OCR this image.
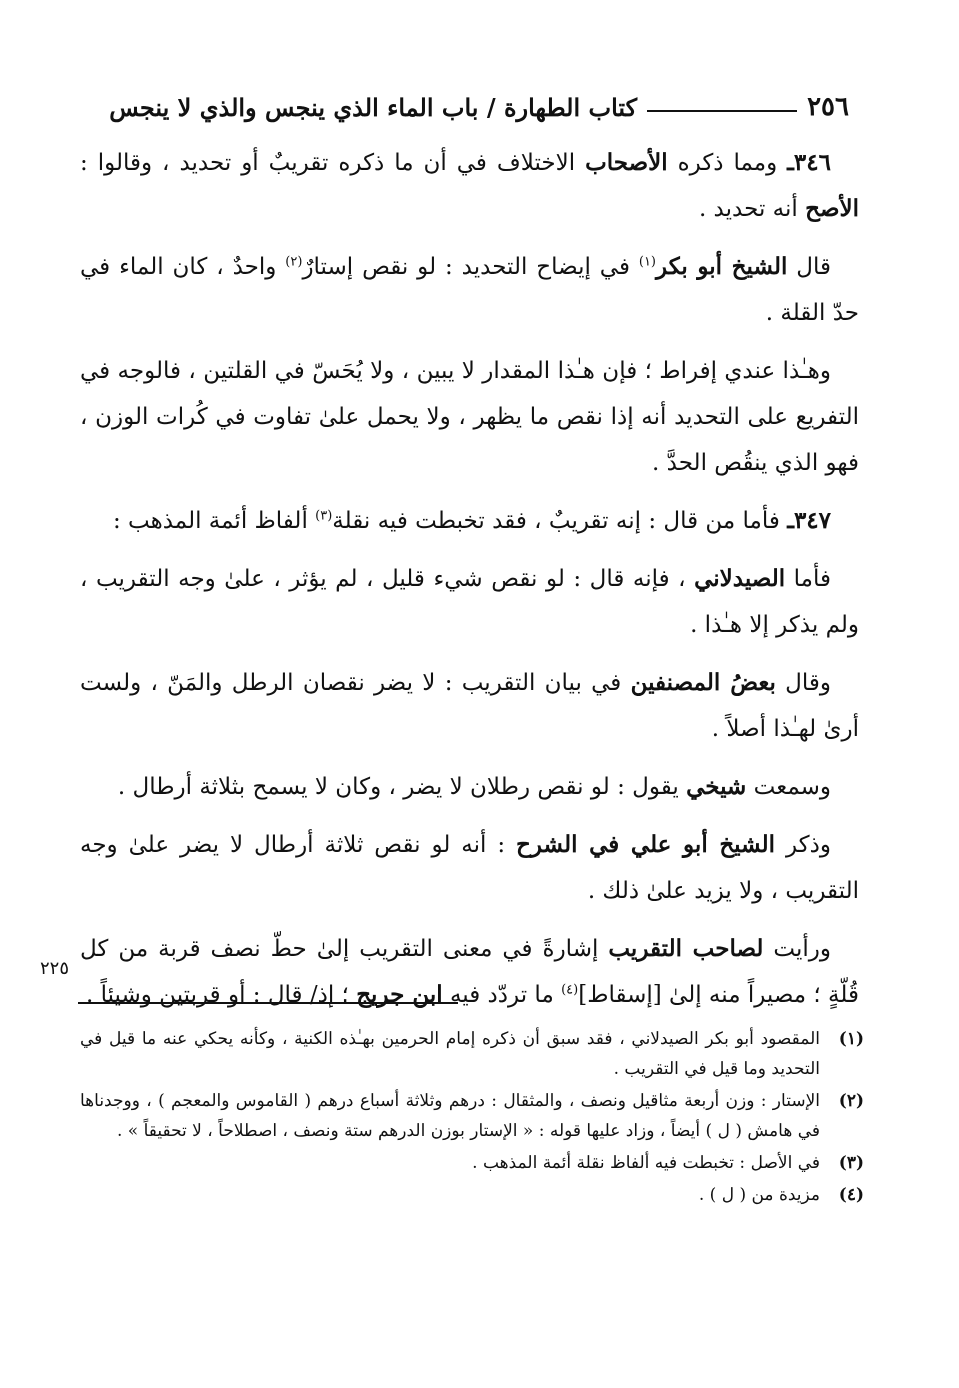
٢٥٦
كتاب الطهارة / باب الماء الذي ينجس والذي لا ينجس

٣٤٦ـ ومما ذكره الأصحاب الاختلاف في أن ما ذكره تقريبٌ أو تحديد ، وقالوا : الأصح أنه تحديد .

قال الشيخ أبو بكر$^{(١)}$ في إيضاح التحديد : لو نقص إستارٌ$^{(٢)}$ واحدٌ ، كان الماء في حدّ القلة .

وهـٰذا عندي إفراط ؛ فإن هـٰذا المقدار لا يبين ، ولا يُحَسّ في القلتين ، فالوجه في التفريع على التحديد أنه إذا نقص ما يظهر ، ولا يحمل علىٰ تفاوت في كُرات الوزن ، فهو الذي ينقُص الحدَّ .

٣٤٧ـ فأما من قال : إنه تقريبٌ ، فقد تخبطت فيه نقلة$^{(٣)}$ ألفاظ أئمة المذهب :

فأما الصيدلاني ، فإنه قال : لو نقص شيء قليل ، لم يؤثر ، علىٰ وجه التقريب ، ولم يذكر إلا هـٰذا .

وقال بعضُ المصنفين في بيان التقريب : لا يضر نقصان الرطل والمَنّ ، ولست أرىٰ لهـٰذا أصلاً .

وسمعت شيخي يقول : لو نقص رطلان لا يضر ، وكان لا يسمح بثلاثة أرطال .

وذكر الشيخ أبو علي في الشرح : أنه لو نقص ثلاثة أرطال لا يضر علىٰ وجه التقريب ، ولا يزيد علىٰ ذلك .

ورأيت لصاحب التقريب إشارةً في معنى التقريب إلىٰ حطّ نصف قربة من كل قُلّةٍ ؛ مصيراً منه إلىٰ [إسقاط]$^{(٤)}$ ما تردّد فيه ابن جريج ؛ إذ/ قال : أو قربتين وشيئاً .

٢٢٥
(١)
المقصود أبو بكر الصيدلاني ، فقد سبق أن ذكره إمام الحرمين بهـٰذه الكنية ، وكأنه يحكي عنه ما قيل في التحديد وما قيل في التقريب .
(٢)
الإستار : وزن أربعة مثاقيل ونصف ، والمثقال : درهم وثلاثة أسباع درهم ( القاموس والمعجم ) ، ووجدناها في هامش ( ل ) أيضاً ، وزاد عليها قوله : « الإستار بوزن الدرهم ستة ونصف ، اصطلاحاً ، لا تحقيقاً » .
(٣)
في الأصل : تخبطت فيه ألفاظ نقلة أئمة المذهب .
(٤)
مزيدة من ( ل ) .
